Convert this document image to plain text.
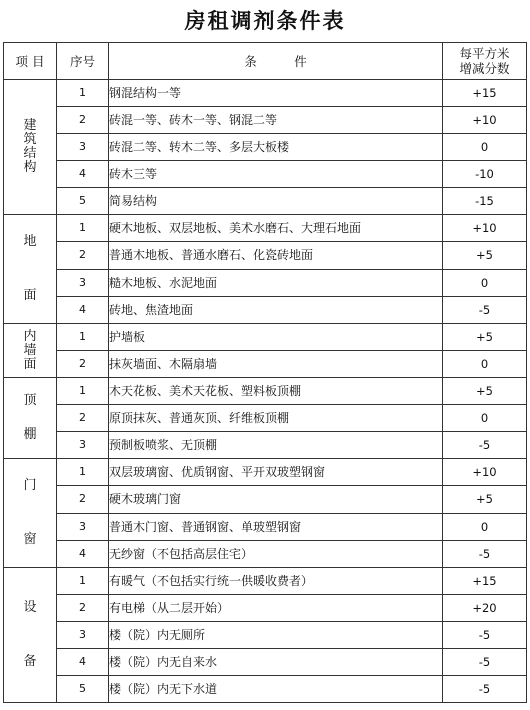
房租调剂条件表
项 目	序号	条　　　件	每平方米
增减分数

建筑结构	1	钢混结构一等	+15
	2	砖混一等、砖木一等、钢混二等	+10
	3	砖混二等、转木二等、多层大板楼	0
	4	砖木三等	-10
	5	简易结构	-15
地面	1	硬木地板、双层地板、美术水磨石、大理石地面	+10
	2	普通木地板、普通水磨石、化瓷砖地面	+5
	3	糙木地板、水泥地面	0
	4	砖地、焦渣地面	-5
内墙面	1	护墙板	+5
	2	抹灰墙面、木隔扇墙	0
顶棚	1	木天花板、美术天花板、塑料板顶棚	+5
	2	原顶抹灰、普通灰顶、纤维板顶棚	0
	3	预制板喷浆、无顶棚	-5
门窗	1	双层玻璃窗、优质钢窗、平开双玻塑钢窗	+10
	2	硬木玻璃门窗	+5
	3	普通木门窗、普通钢窗、单玻塑钢窗	0
	4	无纱窗（不包括高层住宅）	-5
设备	1	有暖气（不包括实行统一供暖收费者）	+15
	2	有电梯（从二层开始）	+20
	3	楼（院）内无厕所	-5
	4	楼（院）内无自来水	-5
	5	楼（院）内无下水道	-5
